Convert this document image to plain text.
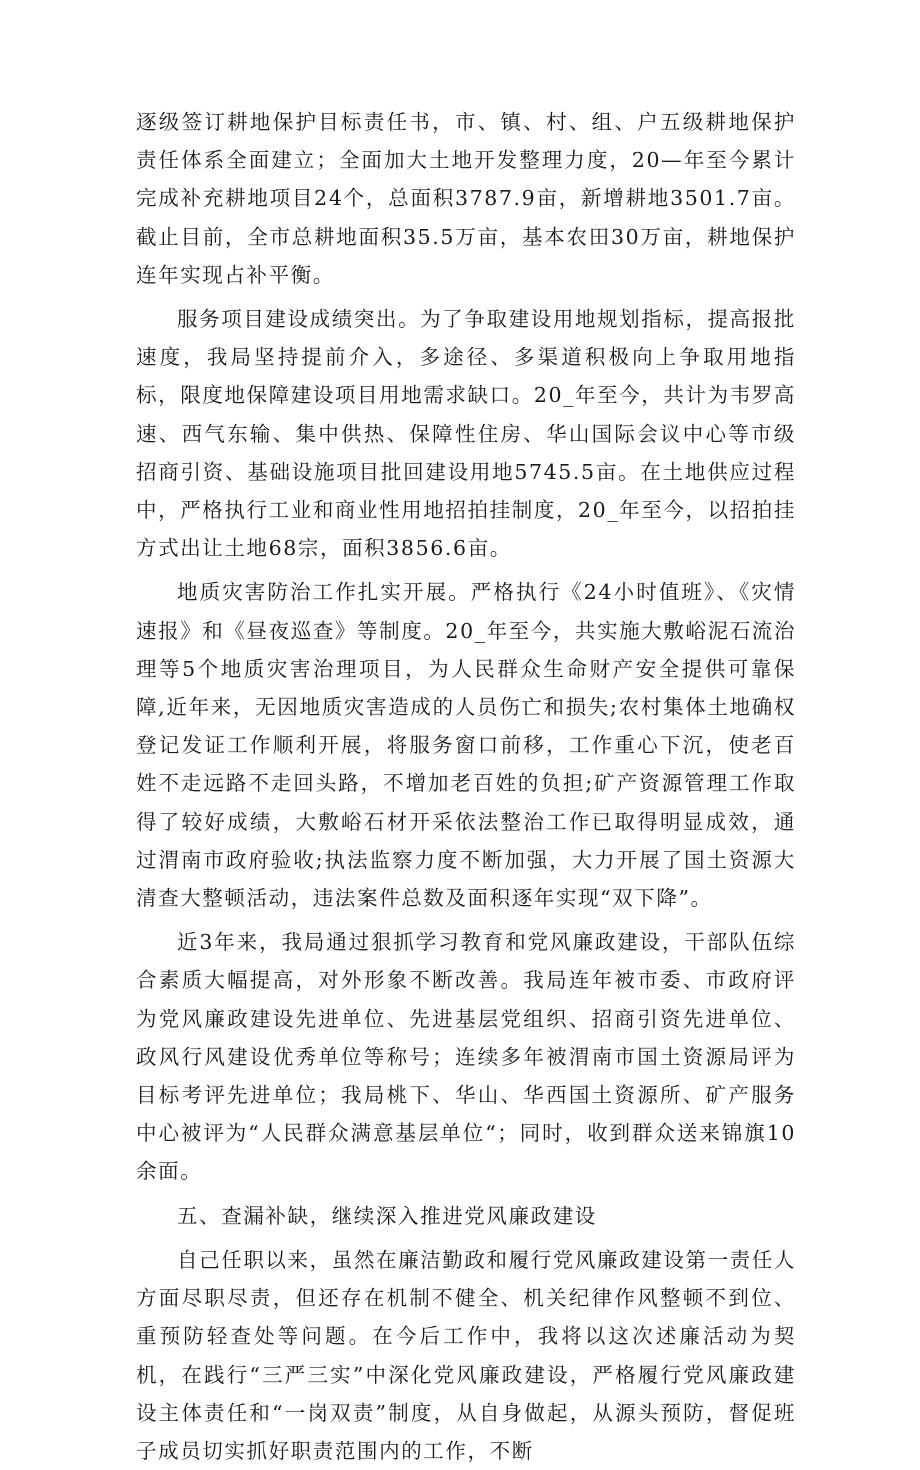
逐级签订耕地保护目标责任书，市、镇、村、组、户五级耕地保护责任体系全面建立；全面加大土地开发整理力度，20—年至今累计完成补充耕地项目24个，总面积3787.9亩，新增耕地3501.7亩。截止目前，全市总耕地面积35.5万亩，基本农田30万亩，耕地保护连年实现占补平衡。

服务项目建设成绩突出。为了争取建设用地规划指标，提高报批速度，我局坚持提前介入，多途径、多渠道积极向上争取用地指标，限度地保障建设项目用地需求缺口。20_年至今，共计为韦罗高速、西气东输、集中供热、保障性住房、华山国际会议中心等市级招商引资、基础设施项目批回建设用地5745.5亩。在土地供应过程中，严格执行工业和商业性用地招拍挂制度，20_年至今，以招拍挂方式出让土地68宗，面积3856.6亩。

地质灾害防治工作扎实开展。严格执行《24小时值班》、《灾情速报》和《昼夜巡查》等制度。20_年至今，共实施大敷峪泥石流治理等5个地质灾害治理项目，为人民群众生命财产安全提供可靠保障,近年来，无因地质灾害造成的人员伤亡和损失;农村集体土地确权登记发证工作顺利开展，将服务窗口前移，工作重心下沉，使老百姓不走远路不走回头路，不增加老百姓的负担;矿产资源管理工作取得了较好成绩，大敷峪石材开采依法整治工作已取得明显成效，通过渭南市政府验收;执法监察力度不断加强，大力开展了国土资源大清查大整顿活动，违法案件总数及面积逐年实现“双下降”。

近3年来，我局通过狠抓学习教育和党风廉政建设，干部队伍综合素质大幅提高，对外形象不断改善。我局连年被市委、市政府评为党风廉政建设先进单位、先进基层党组织、招商引资先进单位、政风行风建设优秀单位等称号；连续多年被渭南市国土资源局评为目标考评先进单位；我局桃下、华山、华西国土资源所、矿产服务中心被评为“人民群众满意基层单位“；同时，收到群众送来锦旗10余面。

五、查漏补缺，继续深入推进党风廉政建设

自己任职以来，虽然在廉洁勤政和履行党风廉政建设第一责任人方面尽职尽责，但还存在机制不健全、机关纪律作风整顿不到位、重预防轻查处等问题。在今后工作中，我将以这次述廉活动为契机，在践行“三严三实”中深化党风廉政建设，严格履行党风廉政建设主体责任和“一岗双责”制度，从自身做起，从源头预防，督促班子成员切实抓好职责范围内的工作，不断
